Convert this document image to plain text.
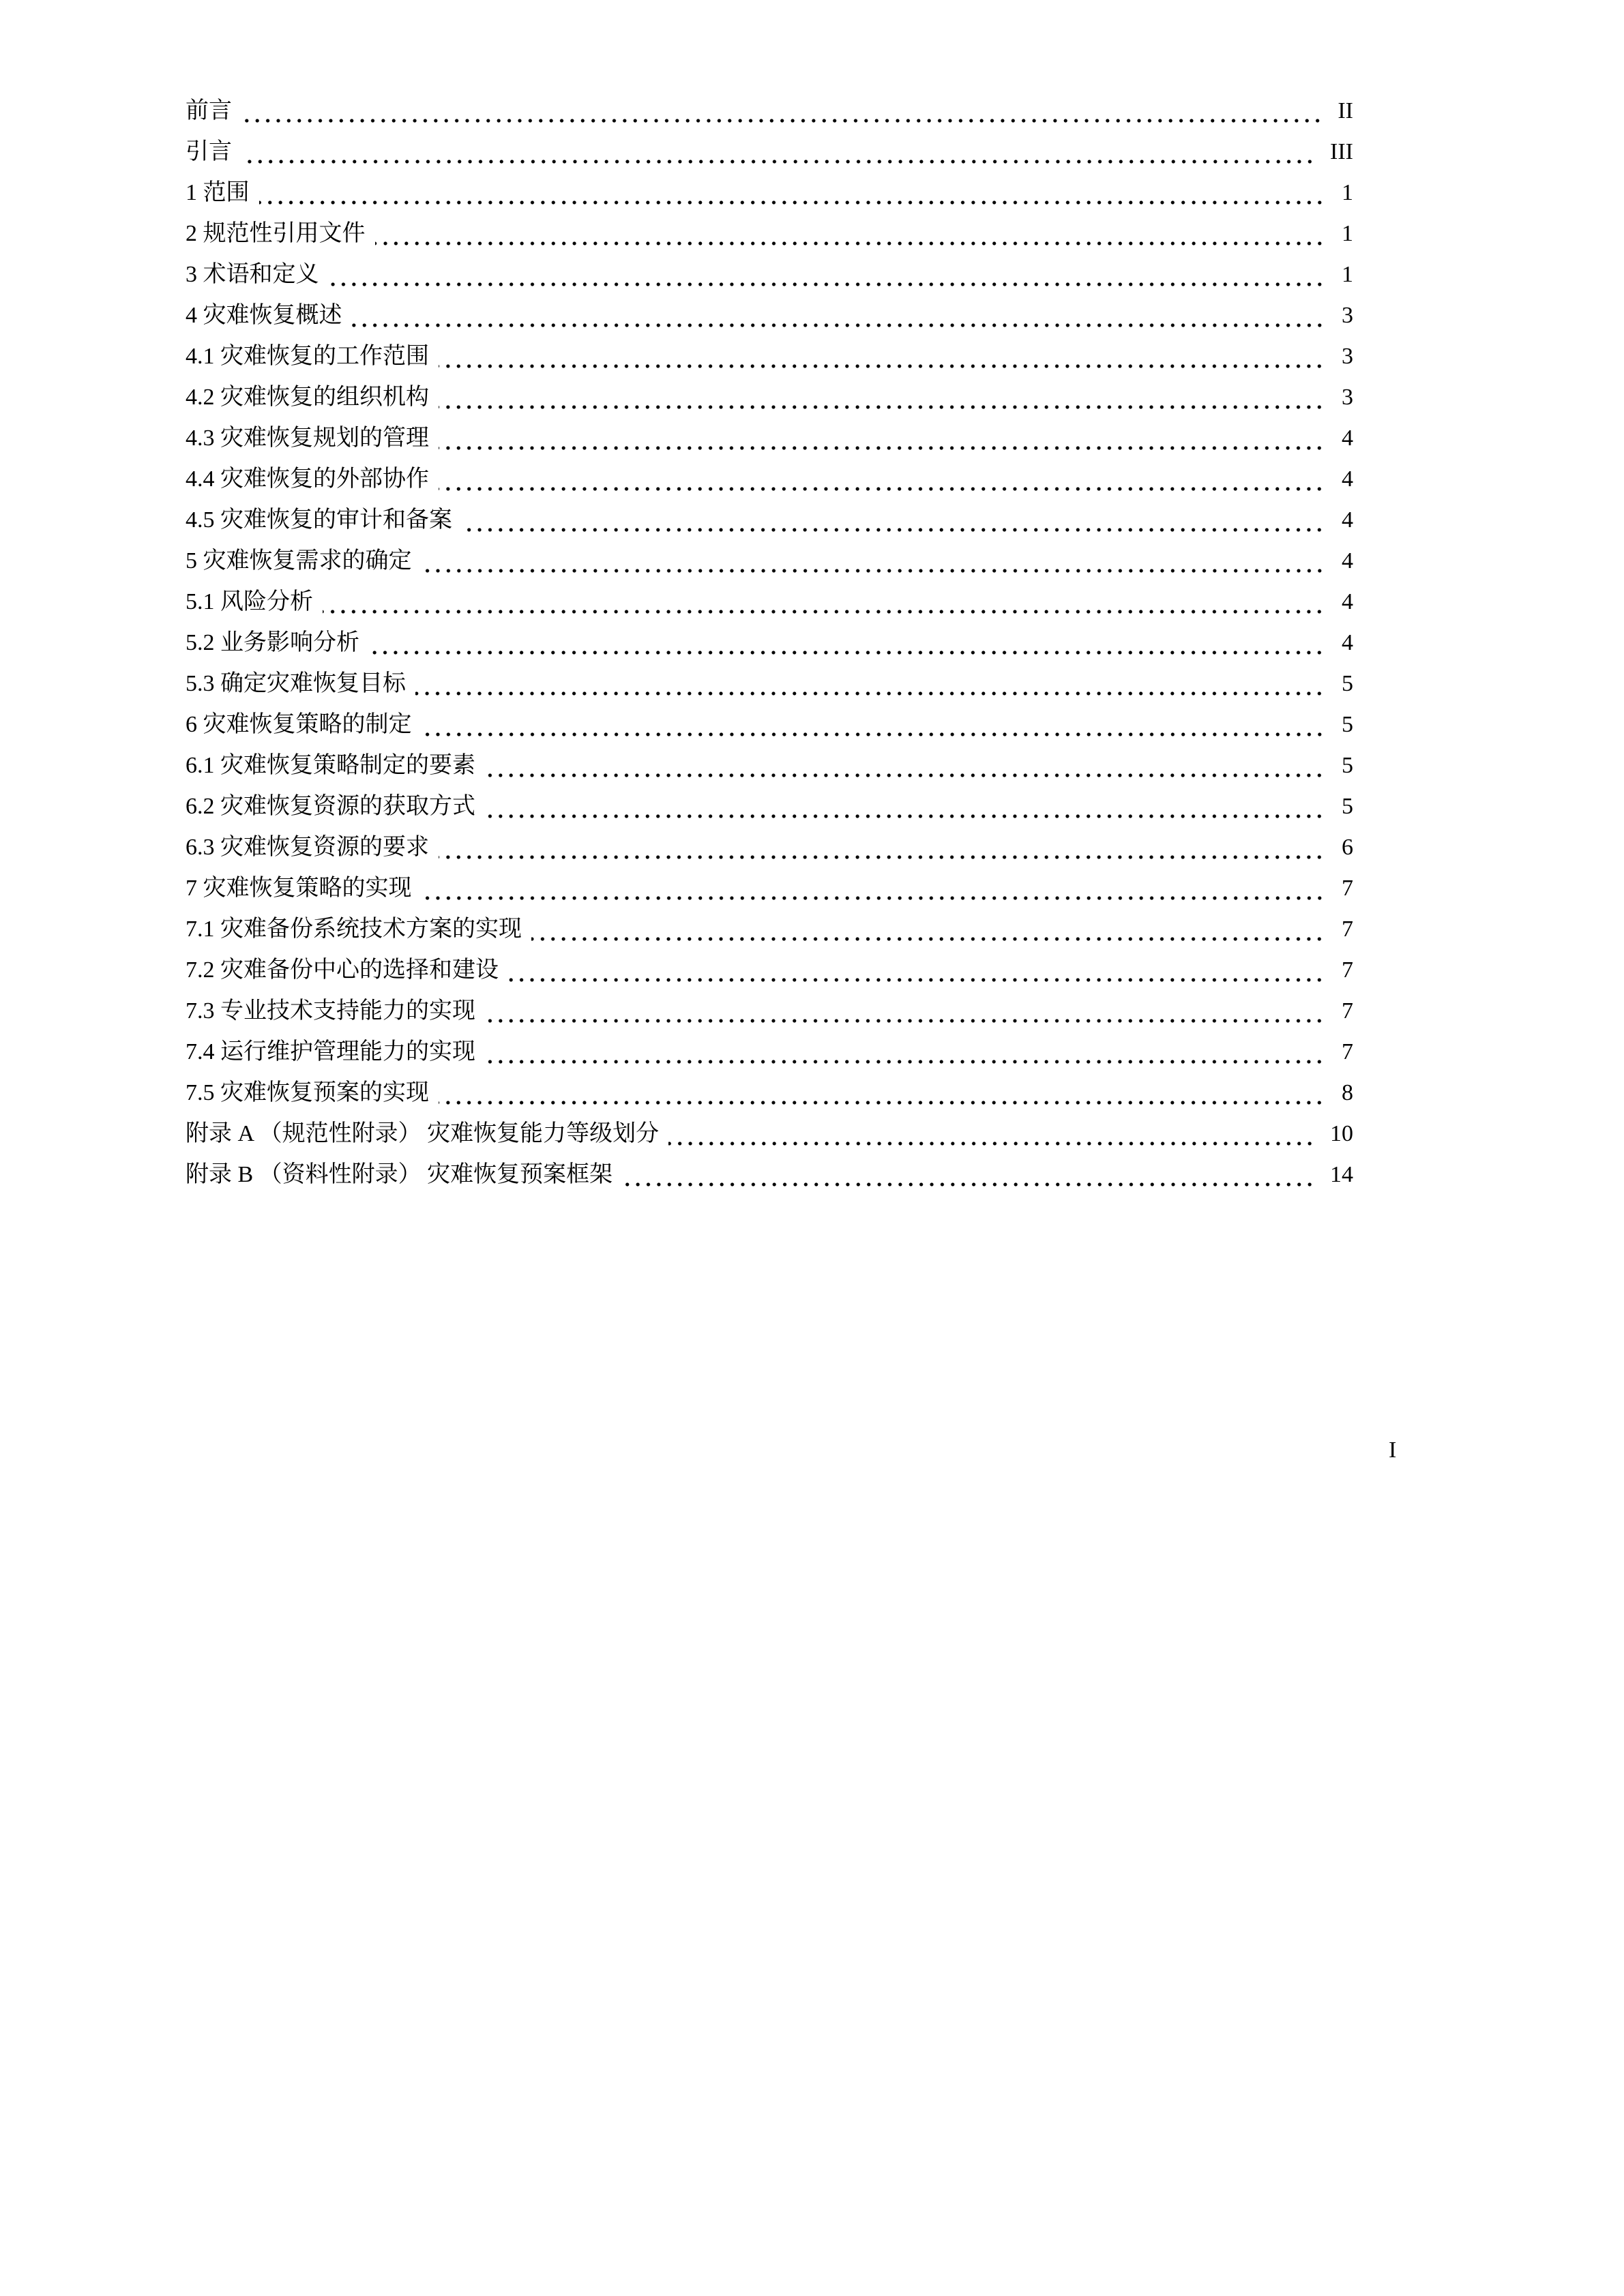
前言	II
引言	III
1 范围	1
2 规范性引用文件	1
3 术语和定义	1
4 灾难恢复概述	3
4.1 灾难恢复的工作范围	3
4.2 灾难恢复的组织机构	3
4.3 灾难恢复规划的管理	4
4.4 灾难恢复的外部协作	4
4.5 灾难恢复的审计和备案	4
5 灾难恢复需求的确定	4
5.1 风险分析	4
5.2 业务影响分析	4
5.3 确定灾难恢复目标	5
6 灾难恢复策略的制定	5
6.1 灾难恢复策略制定的要素	5
6.2 灾难恢复资源的获取方式	5
6.3 灾难恢复资源的要求	6
7 灾难恢复策略的实现	7
7.1 灾难备份系统技术方案的实现	7
7.2 灾难备份中心的选择和建设	7
7.3 专业技术支持能力的实现	7
7.4 运行维护管理能力的实现	7
7.5 灾难恢复预案的实现	8
附录 A （规范性附录） 灾难恢复能力等级划分	10
附录 B （资料性附录） 灾难恢复预案框架	14
I
